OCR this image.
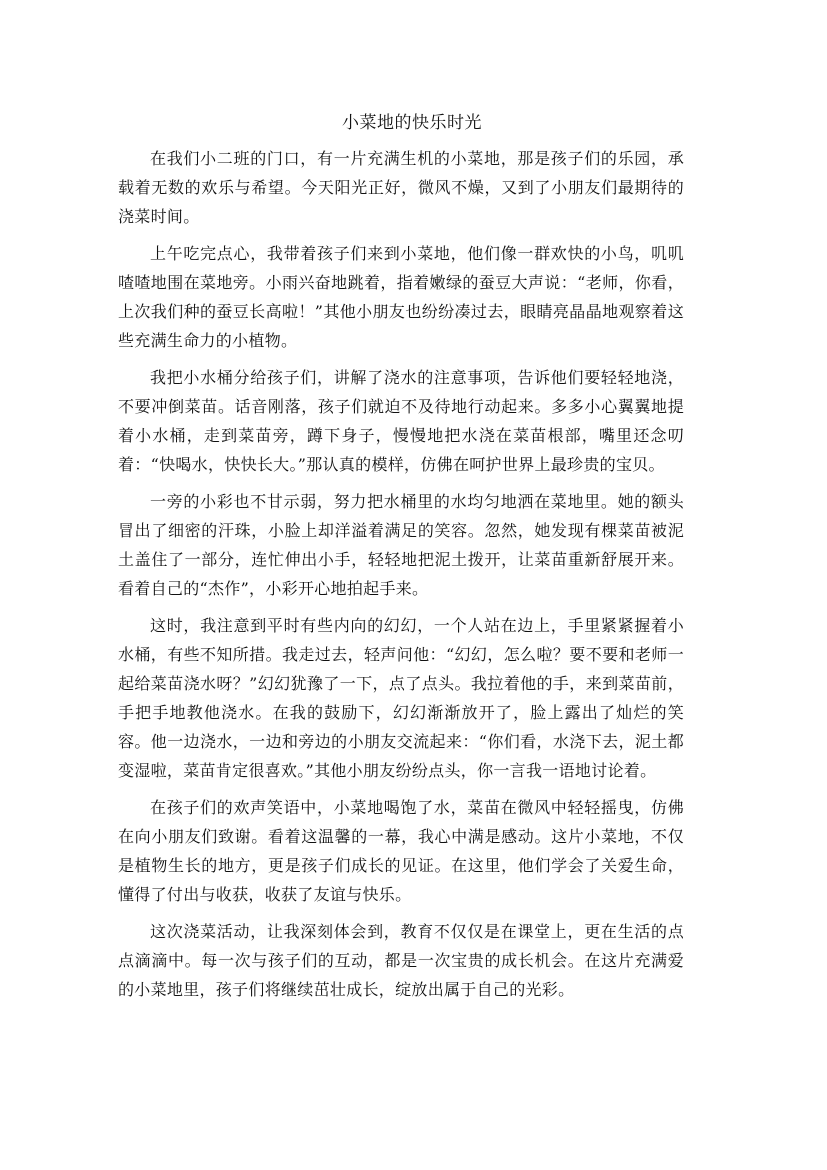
小菜地的快乐时光

在我们小二班的门口，有一片充满生机的小菜地，那是孩子们的乐园，承载着无数的欢乐与希望。今天阳光正好，微风不燥，又到了小朋友们最期待的浇菜时间。

上午吃完点心，我带着孩子们来到小菜地，他们像一群欢快的小鸟，叽叽喳喳地围在菜地旁。小雨兴奋地跳着，指着嫩绿的蚕豆大声说：“老师，你看，上次我们种的蚕豆长高啦！”其他小朋友也纷纷凑过去，眼睛亮晶晶地观察着这些充满生命力的小植物。

我把小水桶分给孩子们，讲解了浇水的注意事项，告诉他们要轻轻地浇，不要冲倒菜苗。话音刚落，孩子们就迫不及待地行动起来。多多小心翼翼地提着小水桶，走到菜苗旁，蹲下身子，慢慢地把水浇在菜苗根部，嘴里还念叨着：“快喝水，快快长大。”那认真的模样，仿佛在呵护世界上最珍贵的宝贝。

一旁的小彩也不甘示弱，努力把水桶里的水均匀地洒在菜地里。她的额头冒出了细密的汗珠，小脸上却洋溢着满足的笑容。忽然，她发现有棵菜苗被泥土盖住了一部分，连忙伸出小手，轻轻地把泥土拨开，让菜苗重新舒展开来。看着自己的“杰作”，小彩开心地拍起手来。

这时，我注意到平时有些内向的幻幻，一个人站在边上，手里紧紧握着小水桶，有些不知所措。我走过去，轻声问他：“幻幻，怎么啦？要不要和老师一起给菜苗浇水呀？”幻幻犹豫了一下，点了点头。我拉着他的手，来到菜苗前，手把手地教他浇水。在我的鼓励下，幻幻渐渐放开了，脸上露出了灿烂的笑容。他一边浇水，一边和旁边的小朋友交流起来：“你们看，水浇下去，泥土都变湿啦，菜苗肯定很喜欢。”其他小朋友纷纷点头，你一言我一语地讨论着。

在孩子们的欢声笑语中，小菜地喝饱了水，菜苗在微风中轻轻摇曳，仿佛在向小朋友们致谢。看着这温馨的一幕，我心中满是感动。这片小菜地，不仅是植物生长的地方，更是孩子们成长的见证。在这里，他们学会了关爱生命，懂得了付出与收获，收获了友谊与快乐。

这次浇菜活动，让我深刻体会到，教育不仅仅是在课堂上，更在生活的点点滴滴中。每一次与孩子们的互动，都是一次宝贵的成长机会。在这片充满爱的小菜地里，孩子们将继续茁壮成长，绽放出属于自己的光彩。
